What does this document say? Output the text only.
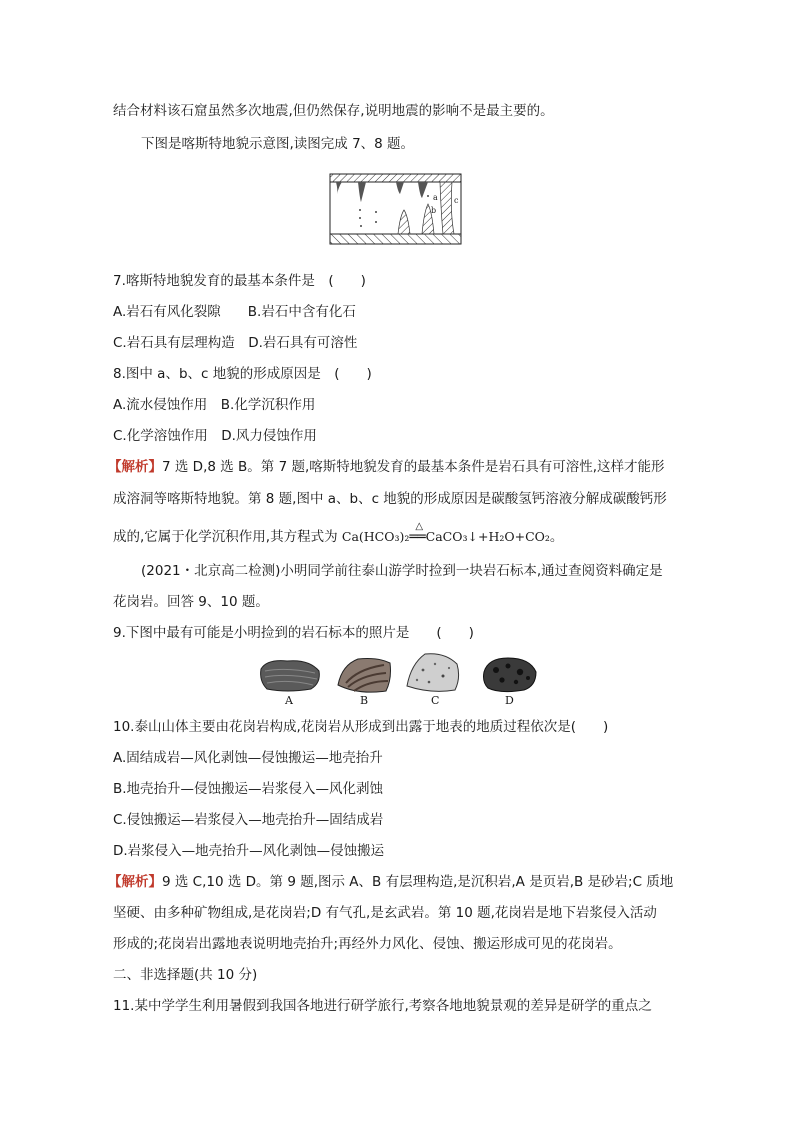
结合材料该石窟虽然多次地震,但仍然保存,说明地震的影响不是最主要的。
下图是喀斯特地貌示意图,读图完成 7、8 题。
a
b
c
7.喀斯特地貌发育的最基本条件是　(　　)
A.岩石有风化裂隙　　B.岩石中含有化石
C.岩石具有层理构造　D.岩石具有可溶性
8.图中 a、b、c 地貌的形成原因是　(　　)
A.流水侵蚀作用　B.化学沉积作用
C.化学溶蚀作用　D.风力侵蚀作用
【解析】7 选 D,8 选 B。第 7 题,喀斯特地貌发育的最基本条件是岩石具有可溶性,这样才能形
成溶洞等喀斯特地貌。第 8 题,图中 a、b、c 地貌的形成原因是碳酸氢钙溶液分解成碳酸钙形
成的,它属于化学沉积作用,其方程式为 Ca(HCO₃)₂
△
══CaCO₃↓+H₂O+CO₂。
(2021・北京高二检测)小明同学前往泰山游学时捡到一块岩石标本,通过查阅资料确定是
花岗岩。回答 9、10 题。
9.下图中最有可能是小明捡到的岩石标本的照片是　　(　　)
A	B	C	D
10.泰山山体主要由花岗岩构成,花岗岩从形成到出露于地表的地质过程依次是(　　)
A.固结成岩—风化剥蚀—侵蚀搬运—地壳抬升
B.地壳抬升—侵蚀搬运—岩浆侵入—风化剥蚀
C.侵蚀搬运—岩浆侵入—地壳抬升—固结成岩
D.岩浆侵入—地壳抬升—风化剥蚀—侵蚀搬运
【解析】9 选 C,10 选 D。第 9 题,图示 A、B 有层理构造,是沉积岩,A 是页岩,B 是砂岩;C 质地
坚硬、由多种矿物组成,是花岗岩;D 有气孔,是玄武岩。第 10 题,花岗岩是地下岩浆侵入活动
形成的;花岗岩出露地表说明地壳抬升;再经外力风化、侵蚀、搬运形成可见的花岗岩。
二、非选择题(共 10 分)
11.某中学学生利用暑假到我国各地进行研学旅行,考察各地地貌景观的差异是研学的重点之
